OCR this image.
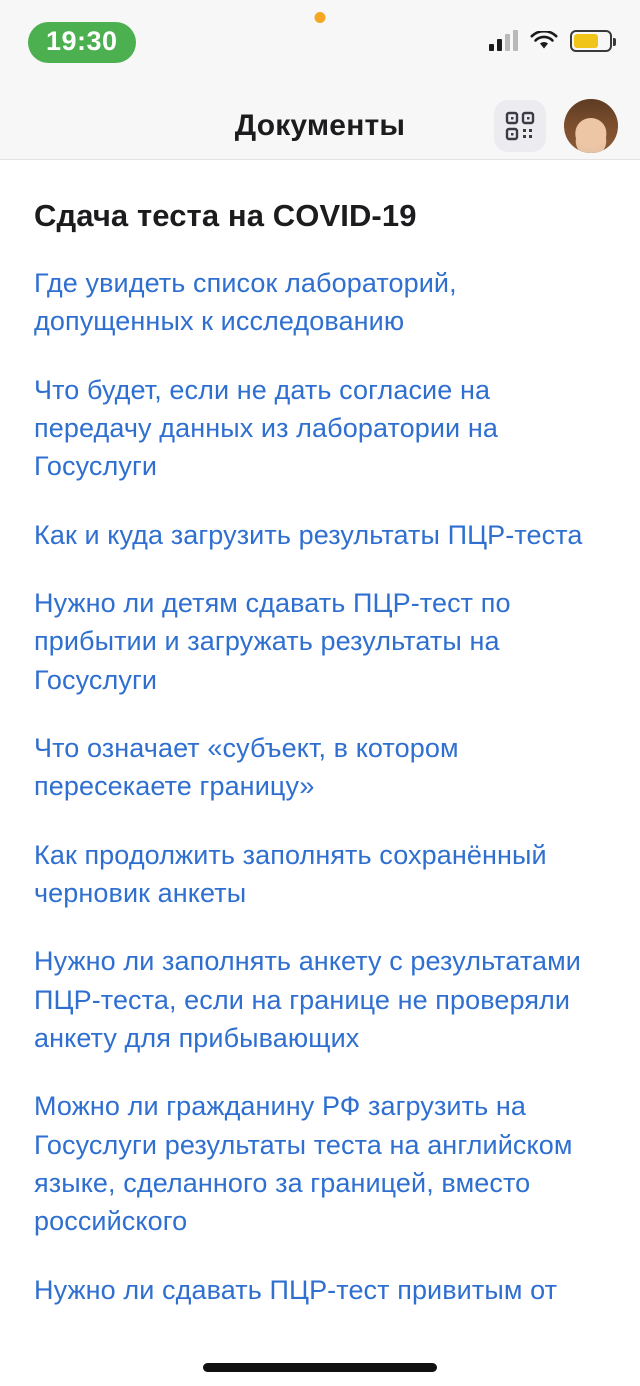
19:30
Документы
Сдача теста на COVID-19
Где увидеть список лабораторий, допущенных к исследованию
Что будет, если не дать согласие на передачу данных из лаборатории на Госуслуги
Как и куда загрузить результаты ПЦР-теста
Нужно ли детям сдавать ПЦР-тест по прибытии и загружать результаты на Госуслуги
Что означает «субъект, в котором пересекаете границу»
Как продолжить заполнять сохранённый черновик анкеты
Нужно ли заполнять анкету с результатами ПЦР-теста, если на границе не проверяли анкету для прибывающих
Можно ли гражданину РФ загрузить на Госуслуги результаты теста на английском языке, сделанного за границей, вместо российского
Нужно ли сдавать ПЦР-тест привитым от
